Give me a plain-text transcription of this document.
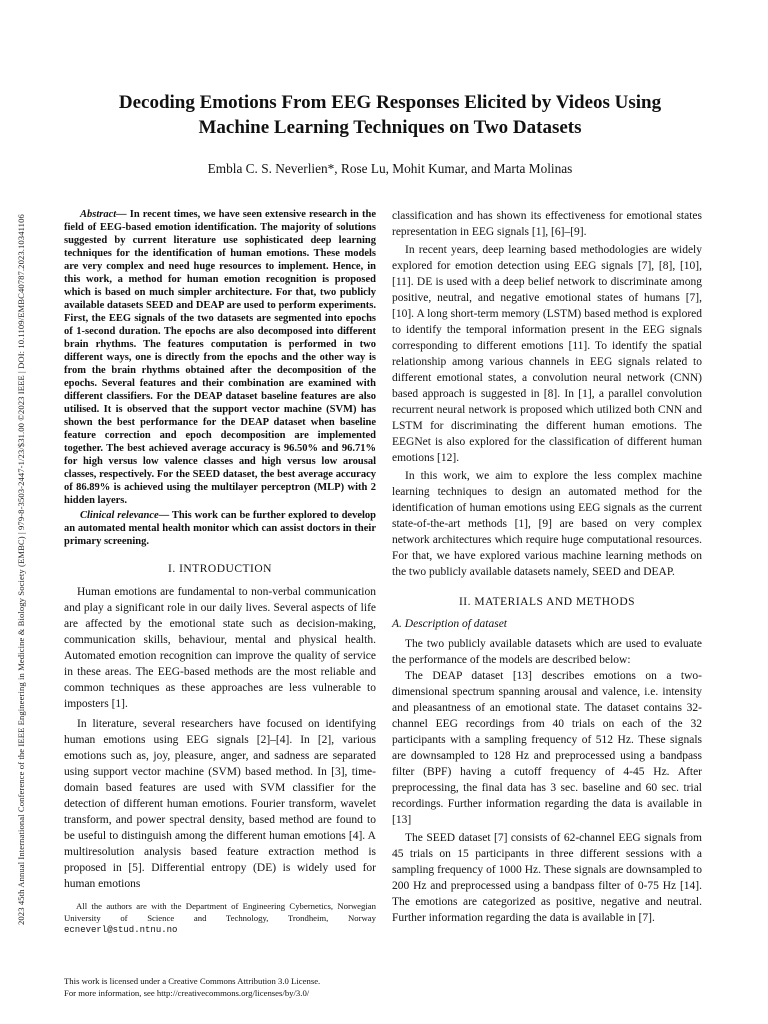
2023 45th Annual International Conference of the IEEE Engineering in Medicine & Biology Society (EMBC) | 979-8-3503-2447-1/23/$31.00 ©2023 IEEE | DOI: 10.1109/EMBC40787.2023.10341106
Decoding Emotions From EEG Responses Elicited by Videos Using
Machine Learning Techniques on Two Datasets
Embla C. S. Neverlien*, Rose Lu, Mohit Kumar, and Marta Molinas

Abstract— In recent times, we have seen extensive research in the field of EEG-based emotion identification. The majority of solutions suggested by current literature use sophisticated deep learning techniques for the identification of human emotions. These models are very complex and need huge resources to implement. Hence, in this work, a method for human emotion recognition is proposed which is based on much simpler architecture. For that, two publicly available datasets SEED and DEAP are used to perform experiments. First, the EEG signals of the two datasets are segmented into epochs of 1-second duration. The epochs are also decomposed into different brain rhythms. The features computation is performed in two different ways, one is directly from the epochs and the other way is from the brain rhythms obtained after the decomposition of the epochs. Several features and their combination are examined with different classifiers. For the DEAP dataset baseline features are also utilised. It is observed that the support vector machine (SVM) has shown the best performance for the DEAP dataset when baseline feature correction and epoch decomposition are implemented together. The best achieved average accuracy is 96.50% and 96.71% for high versus low valence classes and high versus low arousal classes, respectively. For the SEED dataset, the best average accuracy of 86.89% is achieved using the multilayer perceptron (MLP) with 2 hidden layers.

Clinical relevance— This work can be further explored to develop an automated mental health monitor which can assist doctors in their primary screening.

I. INTRODUCTION

Human emotions are fundamental to non-verbal communication and play a significant role in our daily lives. Several aspects of life are affected by the emotional state such as decision-making, communication skills, behaviour, mental and physical health. Automated emotion recognition can improve the quality of service in these areas. The EEG-based methods are the most reliable and common techniques as these approaches are less vulnerable to imposters [1].

In literature, several researchers have focused on identifying human emotions using EEG signals [2]–[4]. In [2], various emotions such as, joy, pleasure, anger, and sadness are separated using support vector machine (SVM) based method. In [3], time-domain based features are used with SVM classifier for the detection of different human emotions. Fourier transform, wavelet transform, and power spectral density, based method are found to be useful to distinguish among the different human emotions [4]. A multiresolution analysis based feature extraction method is proposed in [5]. Differential entropy (DE) is widely used for human emotions

All the authors are with the Department of Engineering Cybernetics, Norwegian University of Science and Technology, Trondheim, Norway ecneverl@stud.ntnu.no

classification and has shown its effectiveness for emotional states representation in EEG signals [1], [6]–[9].

In recent years, deep learning based methodologies are widely explored for emotion detection using EEG signals [7], [8], [10], [11]. DE is used with a deep belief network to discriminate among positive, neutral, and negative emotional states of humans [7], [10]. A long short-term memory (LSTM) based method is explored to identify the temporal information present in the EEG signals corresponding to different emotions [11]. To identify the spatial relationship among various channels in EEG signals related to different emotional states, a convolution neural network (CNN) based approach is suggested in [8]. In [1], a parallel convolution recurrent neural network is proposed which utilized both CNN and LSTM for discriminating the different human emotions. The EEGNet is also explored for the classification of different human emotions [12].

In this work, we aim to explore the less complex machine learning techniques to design an automated method for the identification of human emotions using EEG signals as the current state-of-the-art methods [1], [9] are based on very complex network architectures which require huge computational resources. For that, we have explored various machine learning methods on the two publicly available datasets namely, SEED and DEAP.

II. MATERIALS AND METHODS

A. Description of dataset

The two publicly available datasets which are used to evaluate the performance of the models are described below:

The DEAP dataset [13] describes emotions on a two-dimensional spectrum spanning arousal and valence, i.e. intensity and pleasantness of an emotional state. The dataset contains 32-channel EEG recordings from 40 trials on each of the 32 participants with a sampling frequency of 512 Hz. These signals are downsampled to 128 Hz and preprocessed using a bandpass filter (BPF) having a cutoff frequency of 4-45 Hz. After preprocessing, the final data has 3 sec. baseline and 60 sec. trial recordings. Further information regarding the data is available in [13]

The SEED dataset [7] consists of 62-channel EEG signals from 45 trials on 15 participants in three different sessions with a sampling frequency of 1000 Hz. These signals are downsampled to 200 Hz and preprocessed using a bandpass filter of 0-75 Hz [14]. The emotions are categorized as positive, negative and neutral. Further information regarding the data is available in [7].

This work is licensed under a Creative Commons Attribution 3.0 License.
For more information, see http://creativecommons.org/licenses/by/3.0/
